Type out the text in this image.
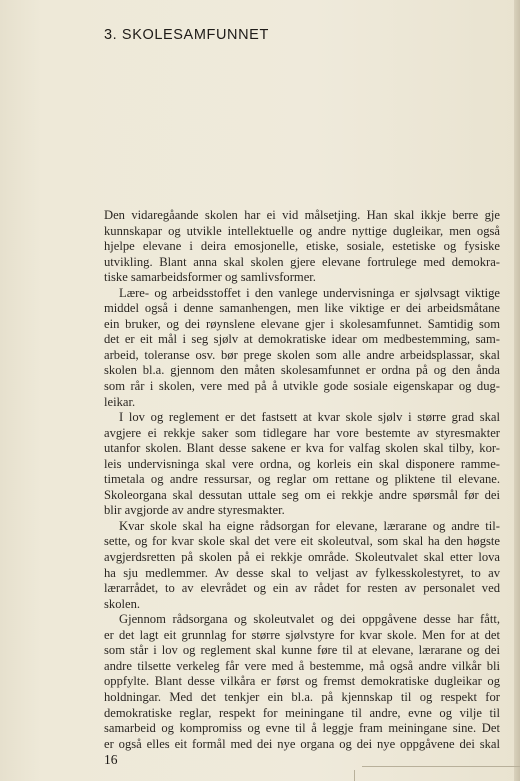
3. SKOLESAMFUNNET

Den vidaregåande skolen har ei vid målsetjing. Han skal ikkje berre gje
kunnskapar og utvikle intellektuelle og andre nyttige dugleikar, men også
hjelpe elevane i deira emosjonelle, etiske, sosiale, estetiske og fysiske
utvikling. Blant anna skal skolen gjere elevane fortrulege med demokra-
tiske samarbeidsformer og samlivsformer.

Lære- og arbeidsstoffet i den vanlege undervisninga er sjølvsagt viktige
middel også i denne samanhengen, men like viktige er dei arbeidsmåtane
ein bruker, og dei røynslene elevane gjer i skolesamfunnet. Samtidig som
det er eit mål i seg sjølv at demokratiske idear om medbestemming, sam-
arbeid, toleranse osv. bør prege skolen som alle andre arbeidsplassar, skal
skolen bl.a. gjennom den måten skolesamfunnet er ordna på og den ånda
som rår i skolen, vere med på å utvikle gode sosiale eigenskapar og dug-
leikar.

I lov og reglement er det fastsett at kvar skole sjølv i større grad skal
avgjere ei rekkje saker som tidlegare har vore bestemte av styresmakter
utanfor skolen. Blant desse sakene er kva for valfag skolen skal tilby, kor-
leis undervisninga skal vere ordna, og korleis ein skal disponere ramme-
timetala og andre ressursar, og reglar om rettane og pliktene til elevane.
Skoleorgana skal dessutan uttale seg om ei rekkje andre spørsmål før dei
blir avgjorde av andre styresmakter.

Kvar skole skal ha eigne rådsorgan for elevane, lærarane og andre til-
sette, og for kvar skole skal det vere eit skoleutval, som skal ha den høgste
avgjerdsretten på skolen på ei rekkje område. Skoleutvalet skal etter lova
ha sju medlemmer. Av desse skal to veljast av fylkesskolestyret, to av
lærarrådet, to av elevrådet og ein av rådet for resten av personalet ved
skolen.

Gjennom rådsorgana og skoleutvalet og dei oppgåvene desse har fått,
er det lagt eit grunnlag for større sjølvstyre for kvar skole. Men for at det
som står i lov og reglement skal kunne føre til at elevane, lærarane og dei
andre tilsette verkeleg får vere med å bestemme, må også andre vilkår bli
oppfylte. Blant desse vilkåra er først og fremst demokratiske dugleikar og
holdningar. Med det tenkjer ein bl.a. på kjennskap til og respekt for
demokratiske reglar, respekt for meiningane til andre, evne og vilje til
samarbeid og kompromiss og evne til å leggje fram meiningane sine. Det
er også elles eit formål med dei nye organa og dei nye oppgåvene dei skal

16
